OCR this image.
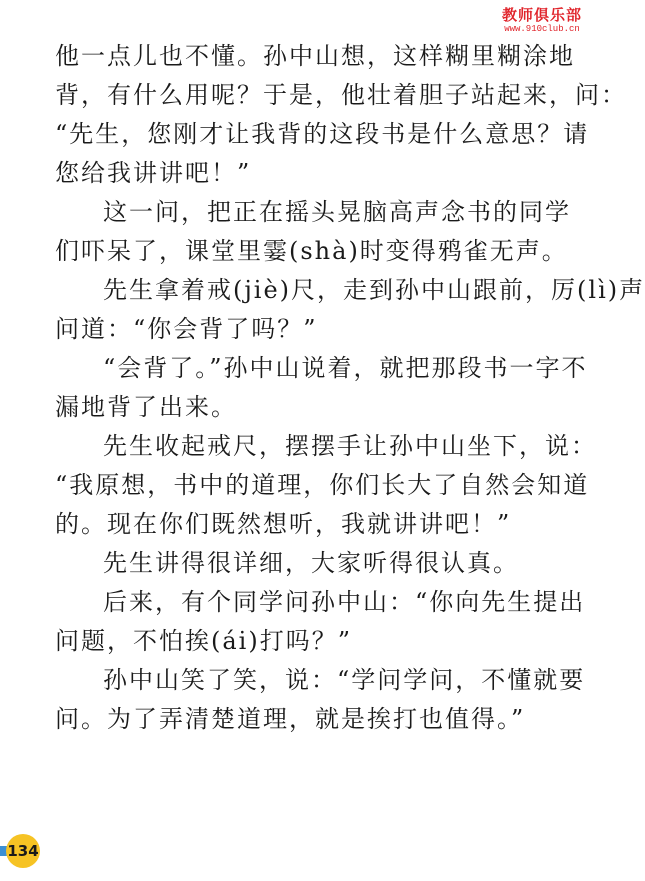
教师俱乐部
www.910club.cn
他一点儿也不懂。孙中山想，这样糊里糊涂地
背，有什么用呢？于是，他壮着胆子站起来，问：
“先生，您刚才让我背的这段书是什么意思？请
您给我讲讲吧！”
这一问，把正在摇头晃脑高声念书的同学
们吓呆了，课堂里霎(shà)时变得鸦雀无声。
先生拿着戒(jiè)尺，走到孙中山跟前，厉(lì)声
问道：“你会背了吗？”
“会背了。”孙中山说着，就把那段书一字不
漏地背了出来。
先生收起戒尺，摆摆手让孙中山坐下，说：
“我原想，书中的道理，你们长大了自然会知道
的。现在你们既然想听，我就讲讲吧！”
先生讲得很详细，大家听得很认真。
后来，有个同学问孙中山：“你向先生提出
问题，不怕挨(ái)打吗？”
孙中山笑了笑，说：“学问学问，不懂就要
问。为了弄清楚道理，就是挨打也值得。”
134
